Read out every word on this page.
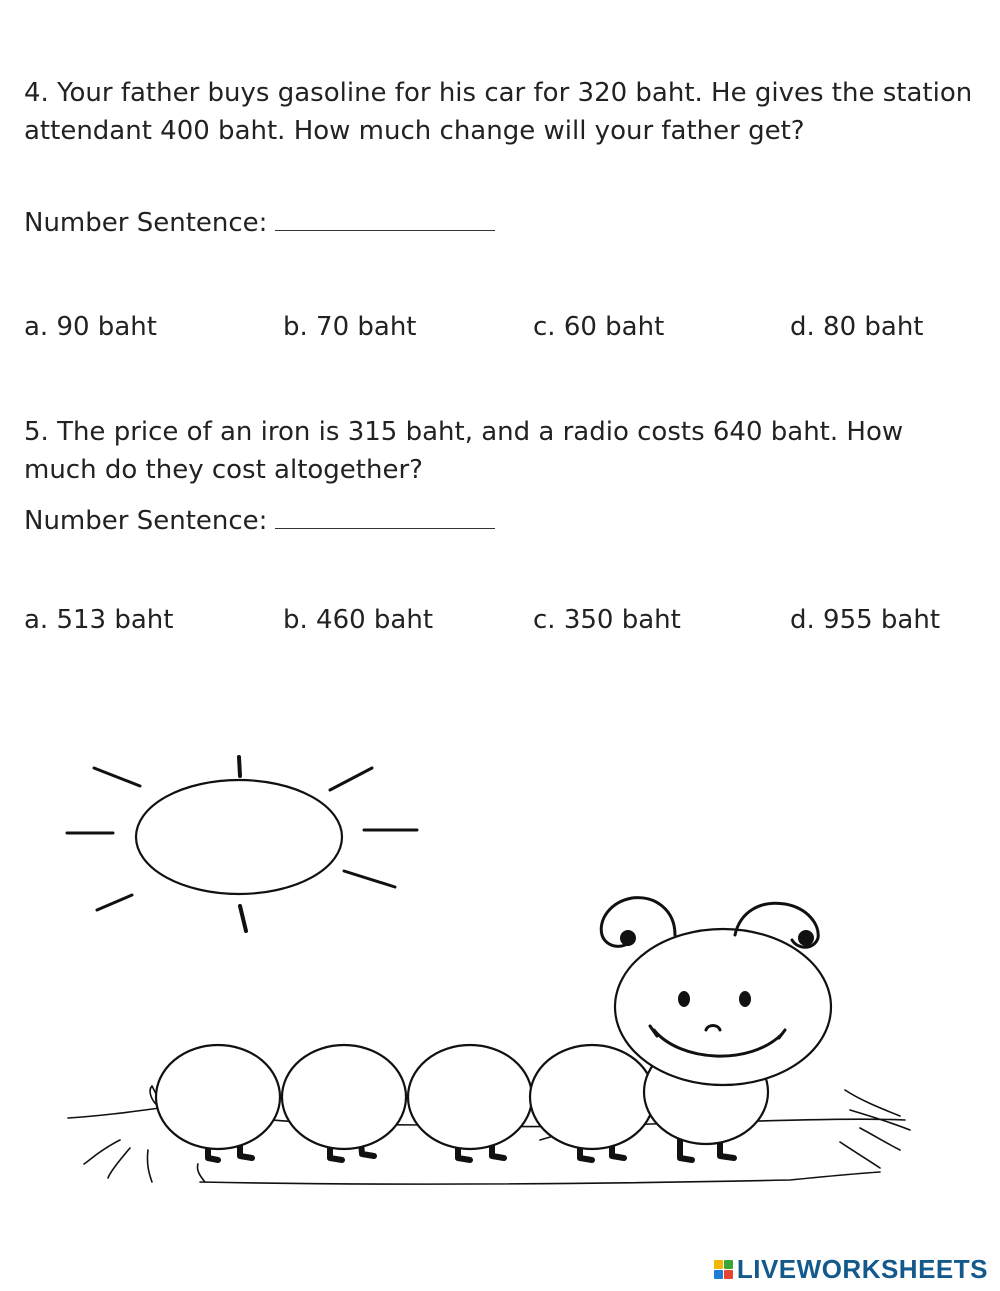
4. Your father buys gasoline for his car for 320 baht. He gives the station attendant 400 baht. How much change will your father get?

Number Sentence:
a. 90 baht	b. 70 baht	c. 60 baht	d. 80 baht

5. The price of an iron is 315 baht, and a radio costs 640 baht. How much do they cost altogether?

Number Sentence:
a. 513 baht	b. 460 baht	c. 350 baht	d. 955 baht
LIVEWORKSHEETS
